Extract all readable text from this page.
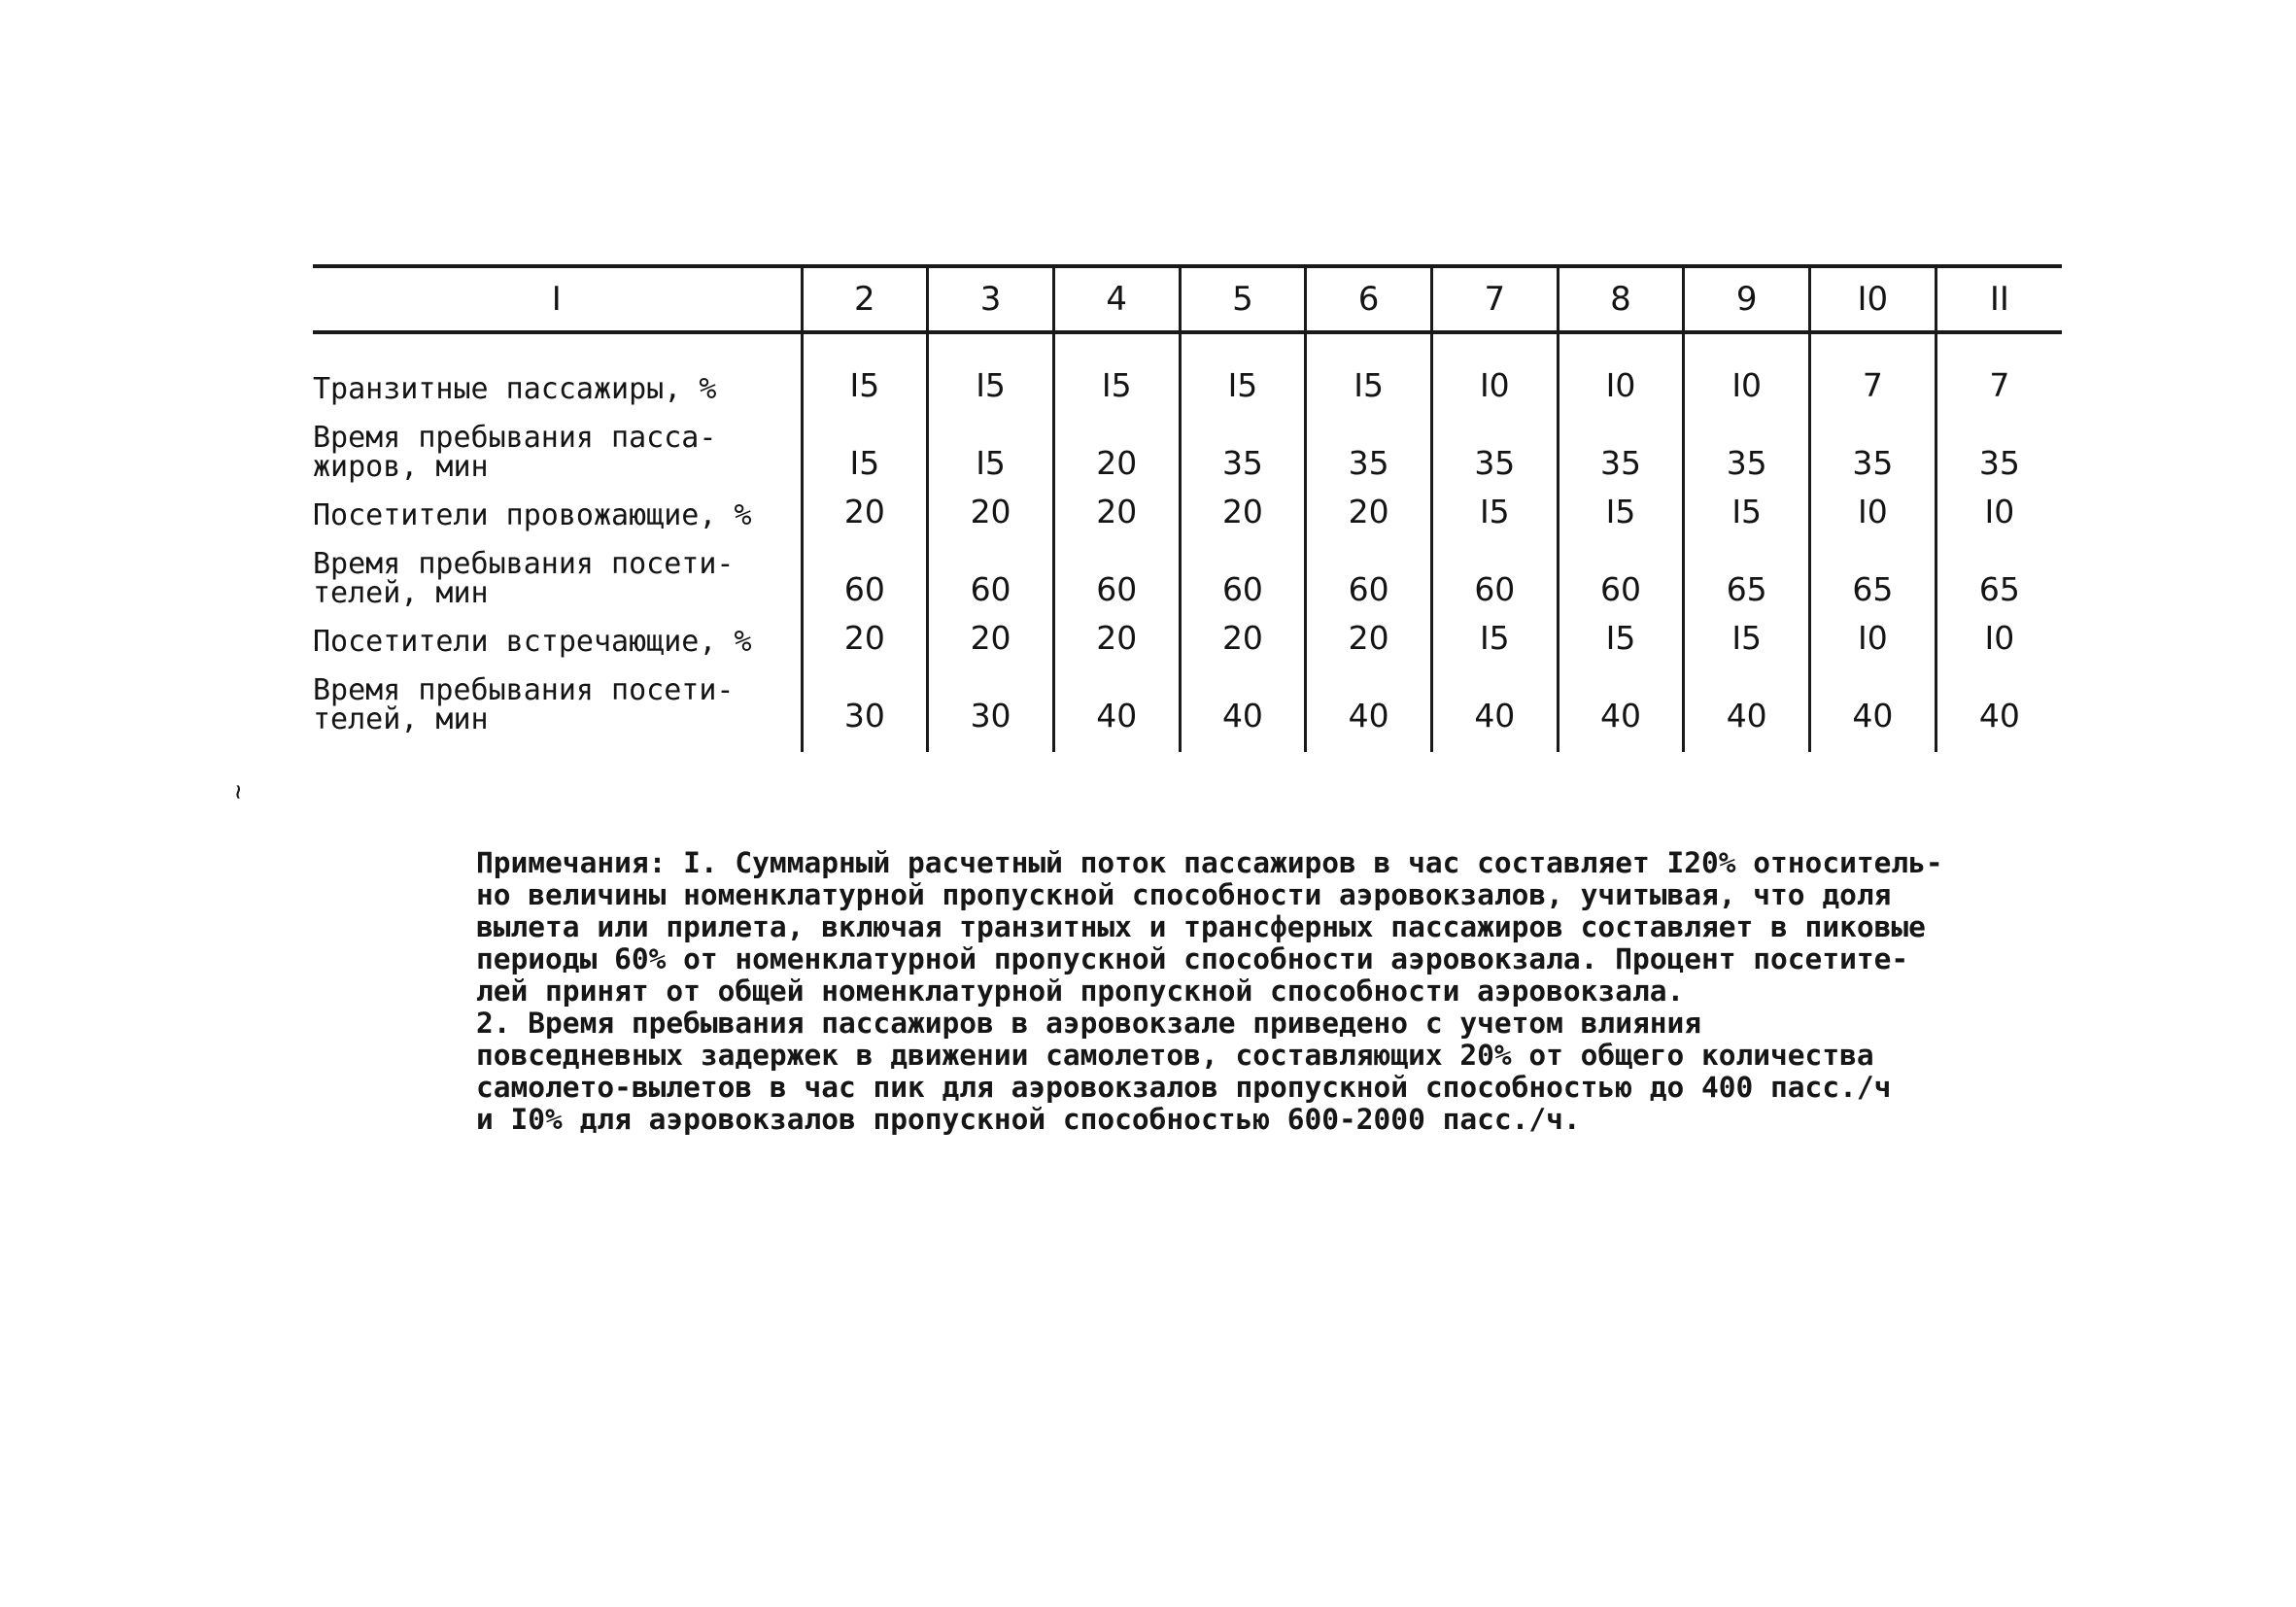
I	2	3	4	5	6	7	8	9	I0	II
Транзитные пассажиры, %	I5	I5	I5	I5	I5	I0	I0	I0	7	7
Время пребывания пасса-
жиров, мин	I5	I5	20	35	35	35	35	35	35	35
Посетители провожающие, %	20	20	20	20	20	I5	I5	I5	I0	I0
Время пребывания посети-
телей, мин	60	60	60	60	60	60	60	65	65	65
Посетители встречающие, %	20	20	20	20	20	I5	I5	I5	I0	I0
Время пребывания посети-
телей, мин	30	30	40	40	40	40	40	40	40	40
~

Примечания: I. Суммарный расчетный поток пассажиров в час составляет I20% относитель-
но величины номенклатурной пропускной способности аэровокзалов, учитывая, что доля
вылета или прилета, включая транзитных и трансферных пассажиров составляет в пиковые
периоды 60% от номенклатурной пропускной способности аэровокзала. Процент посетите-
лей принят от общей номенклатурной пропускной способности аэровокзала.

2. Время пребывания пассажиров в аэровокзале приведено с учетом влияния
повседневных задержек в движении самолетов, составляющих 20% от общего количества
самолето-вылетов в час пик для аэровокзалов пропускной способностью до 400 пасс./ч
и I0% для аэровокзалов пропускной способностью 600-2000 пасс./ч.
